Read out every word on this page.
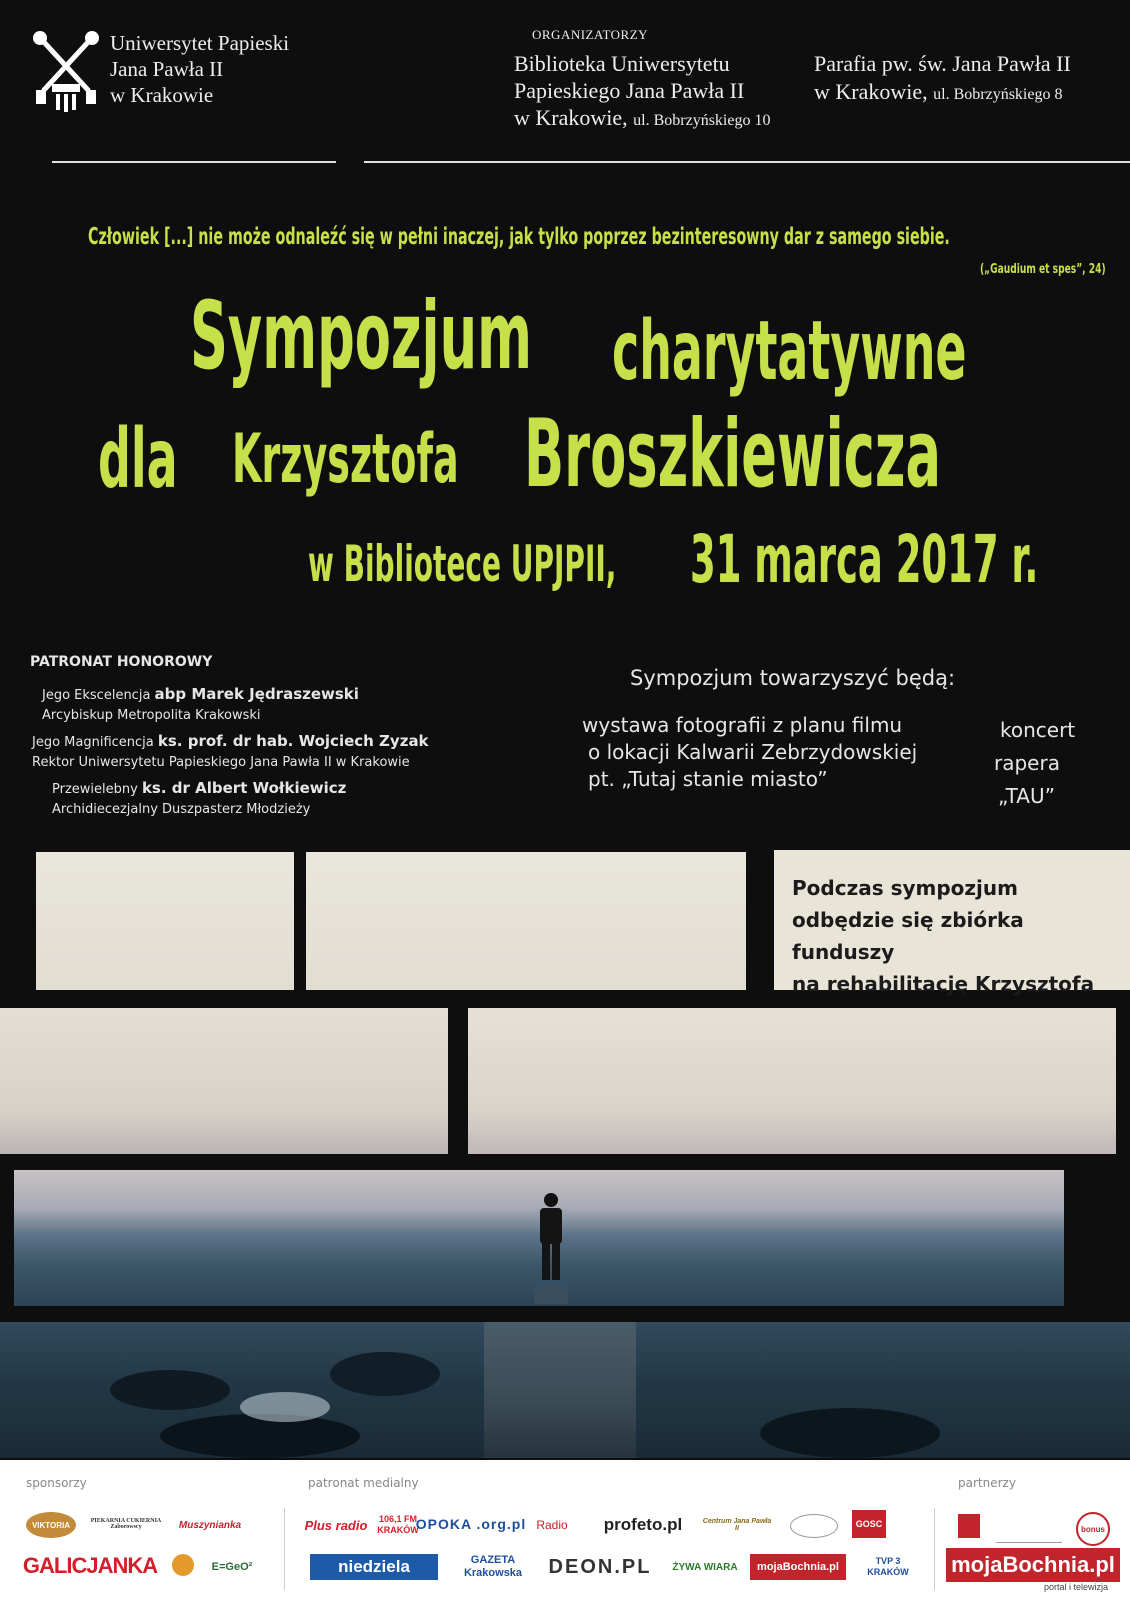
Uniwersytet Papieski
Jana Pawła II
w Krakowie
ORGANIZATORZY
Biblioteka Uniwersytetu
Papieskiego Jana Pawła II
w Krakowie, ul. Bobrzyńskiego 10
Parafia pw. św. Jana Pawła II
w Krakowie, ul. Bobrzyńskiego 8
Człowiek [...] nie może odnaleźć się w pełni inaczej, jak tylko poprzez bezinteresowny dar z samego siebie.
(„Gaudium et spes”, 24)
Sympozjum charytatywne
dla Krzysztofa Broszkiewicza
w Bibliotece UPJPII, 31 marca 2017 r.
PATRONAT HONOROWY
Jego Ekscelencja abp Marek Jędraszewski
Arcybiskup Metropolita Krakowski
Jego Magnificencja ks. prof. dr hab. Wojciech Zyzak
Rektor Uniwersytetu Papieskiego Jana Pawła II w Krakowie
Przewielebny ks. dr Albert Wołkiewicz
Archidiecezjalny Duszpasterz Młodzieży
Sympozjum towarzyszyć będą:
wystawa fotografii z planu filmu
o lokacji Kalwarii Zebrzydowskiej
pt. „Tutaj stanie miasto”
koncert
rapera
„TAU”
Podczas sympozjum
odbędzie się zbiórka funduszy
na rehabilitację Krzysztofa
sponsorzy	patronat medialny	partnerzy
VIKTORIA	PIEKARNIA CUKIERNIA Zaborowscy	Muszynianka
GALICJANKA	E=GeO²
Plus radio	106,1 FM KRAKÓW
OPOKA .org.pl Radio	profeto.pl	Centrum Jana Pawła II	GOSC
niedziela	GAZETA Krakowska	DEON.PL ŻYWA WIARA	mojaBochnia.pl	TVP 3 KRAKÓW
bonus
mojaBochnia.pl
portal i telewizja
